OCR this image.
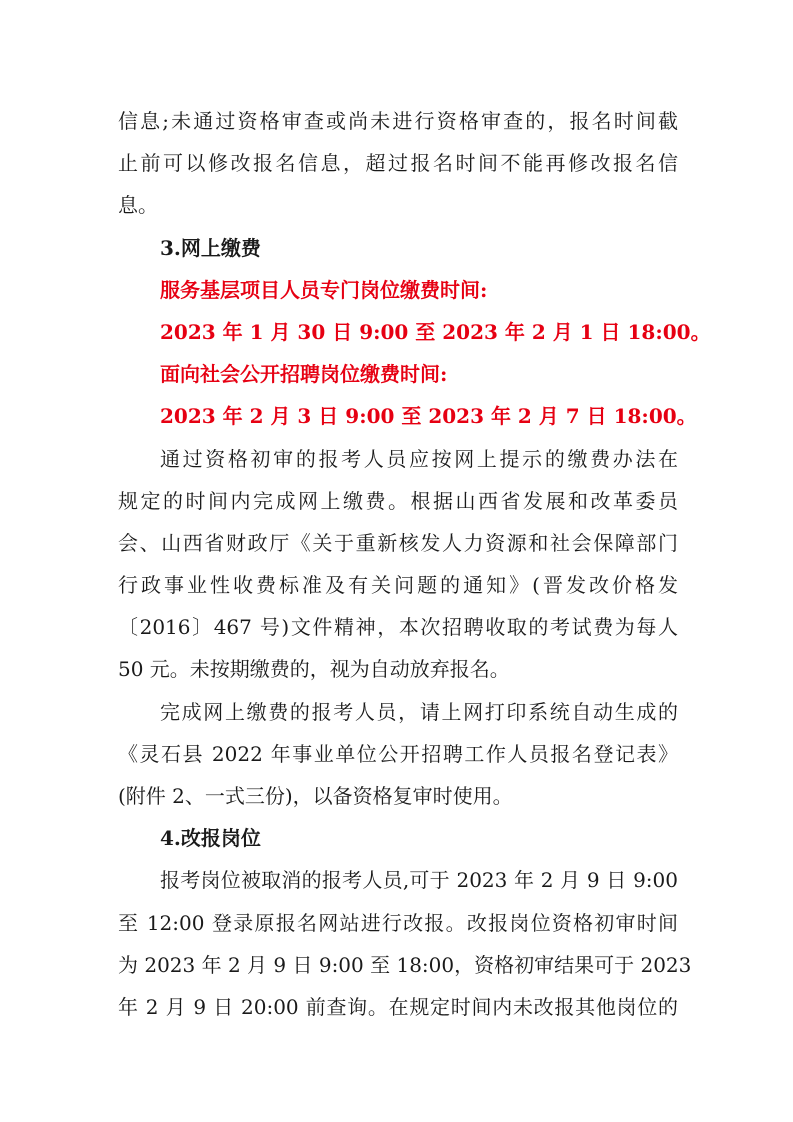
信息;未通过资格审查或尚未进行资格审查的，报名时间截
止前可以修改报名信息，超过报名时间不能再修改报名信
息。
3.网上缴费
服务基层项目人员专门岗位缴费时间:
2023 年 1 月 30 日 9:00 至 2023 年 2 月 1 日 18:00。
面向社会公开招聘岗位缴费时间:
2023 年 2 月 3 日 9:00 至 2023 年 2 月 7 日 18:00。
通过资格初审的报考人员应按网上提示的缴费办法在
规定的时间内完成网上缴费。根据山西省发展和改革委员
会、山西省财政厅《关于重新核发人力资源和社会保障部门
行政事业性收费标准及有关问题的通知》(晋发改价格发
〔2016〕467 号)文件精神，本次招聘收取的考试费为每人
50 元。未按期缴费的，视为自动放弃报名。
完成网上缴费的报考人员，请上网打印系统自动生成的
《灵石县 2022 年事业单位公开招聘工作人员报名登记表》
(附件 2、一式三份)，以备资格复审时使用。
4.改报岗位
报考岗位被取消的报考人员,可于 2023 年 2 月 9 日 9:00
至 12:00 登录原报名网站进行改报。改报岗位资格初审时间
为 2023 年 2 月 9 日 9:00 至 18:00，资格初审结果可于 2023
年 2 月 9 日 20:00 前查询。在规定时间内未改报其他岗位的
